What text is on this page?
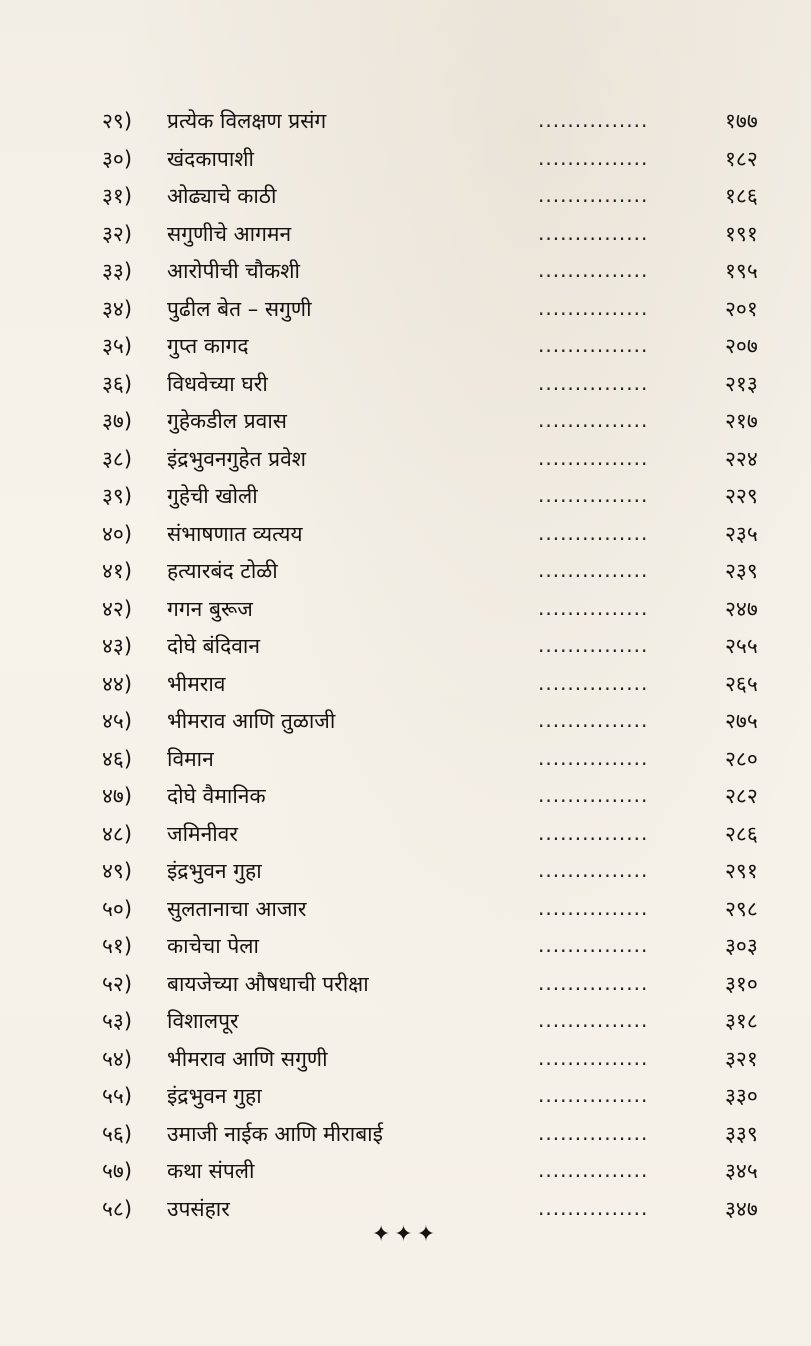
२९)	प्रत्येक विलक्षण प्रसंग	...............	१७७
३०)	खंदकापाशी	...............	१८२
३१)	ओढ्याचे काठी	...............	१८६
३२)	सगुणीचे आगमन	...............	१९१
३३)	आरोपीची चौकशी	...............	१९५
३४)	पुढील बेत – सगुणी	...............	२०१
३५)	गुप्त कागद	...............	२०७
३६)	विधवेच्या घरी	...............	२१३
३७)	गुहेकडील प्रवास	...............	२१७
३८)	इंद्रभुवनगुहेत प्रवेश	...............	२२४
३९)	गुहेची खोली	...............	२२९
४०)	संभाषणात व्यत्यय	...............	२३५
४१)	हत्यारबंद टोळी	...............	२३९
४२)	गगन बुरूज	...............	२४७
४३)	दोघे बंदिवान	...............	२५५
४४)	भीमराव	...............	२६५
४५)	भीमराव आणि तुळाजी	...............	२७५
४६)	विमान	...............	२८०
४७)	दोघे वैमानिक	...............	२८२
४८)	जमिनीवर	...............	२८६
४९)	इंद्रभुवन गुहा	...............	२९१
५०)	सुलतानाचा आजार	...............	२९८
५१)	काचेचा पेला	...............	३०३
५२)	बायजेच्या औषधाची परीक्षा	...............	३१०
५३)	विशालपूर	...............	३१८
५४)	भीमराव आणि सगुणी	...............	३२१
५५)	इंद्रभुवन गुहा	...............	३३०
५६)	उमाजी नाईक आणि मीराबाई	...............	३३९
५७)	कथा संपली	...............	३४५
५८)	उपसंहार	...............	३४७
✦✦✦
